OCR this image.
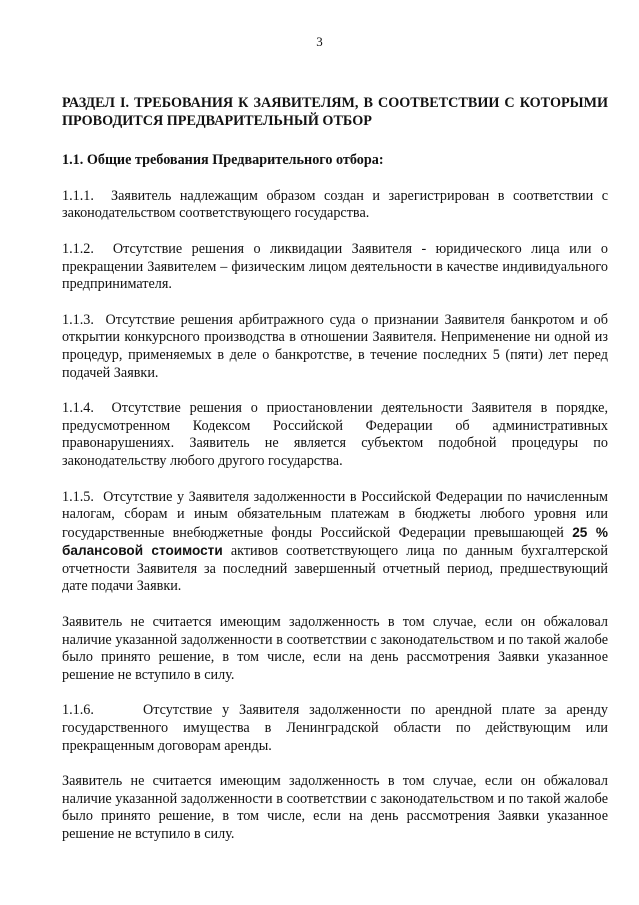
3

РАЗДЕЛ I. ТРЕБОВАНИЯ К ЗАЯВИТЕЛЯМ, В СООТВЕТСТВИИ С КОТОРЫМИ ПРОВОДИТСЯ ПРЕДВАРИТЕЛЬНЫЙ ОТБОР

1.1. Общие требования Предварительного отбора:

1.1.1. Заявитель надлежащим образом создан и зарегистрирован в соответствии с законодательством соответствующего государства.

1.1.2. Отсутствие решения о ликвидации Заявителя - юридического лица или о прекращении Заявителем – физическим лицом деятельности в качестве индивидуального предпринимателя.

1.1.3. Отсутствие решения арбитражного суда о признании Заявителя банкротом и об открытии конкурсного производства в отношении Заявителя. Неприменение ни одной из процедур, применяемых в деле о банкротстве, в течение последних 5 (пяти) лет перед подачей Заявки.

1.1.4. Отсутствие решения о приостановлении деятельности Заявителя в порядке, предусмотренном Кодексом Российской Федерации об административных правонарушениях. Заявитель не является субъектом подобной процедуры по законодательству любого другого государства.

1.1.5. Отсутствие у Заявителя задолженности в Российской Федерации по начисленным налогам, сборам и иным обязательным платежам в бюджеты любого уровня или государственные внебюджетные фонды Российской Федерации превышающей 25 % балансовой стоимости активов соответствующего лица по данным бухгалтерской отчетности Заявителя за последний завершенный отчетный период, предшествующий дате подачи Заявки.

Заявитель не считается имеющим задолженность в том случае, если он обжаловал наличие указанной задолженности в соответствии с законодательством и по такой жалобе было принято решение, в том числе, если на день рассмотрения Заявки указанное решение не вступило в силу.

1.1.6.	Отсутствие у Заявителя задолженности по арендной плате за аренду государственного имущества в Ленинградской области по действующим или прекращенным договорам аренды.

Заявитель не считается имеющим задолженность в том случае, если он обжаловал наличие указанной задолженности в соответствии с законодательством и по такой жалобе было принято решение, в том числе, если на день рассмотрения Заявки указанное решение не вступило в силу.
